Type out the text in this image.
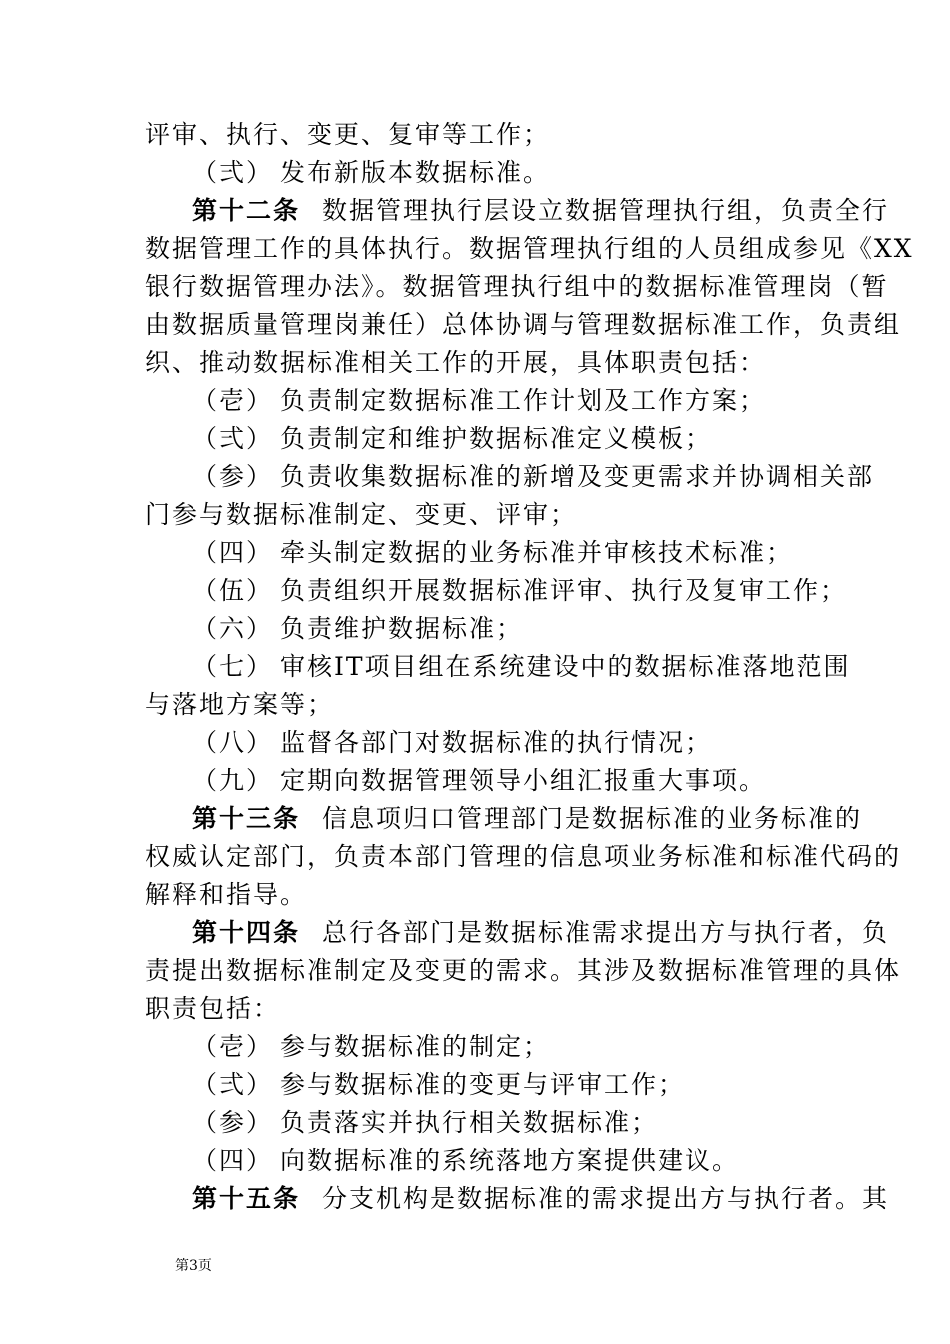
评审、执行、变更、复审等工作；
（弍） 发布新版本数据标准。
第十二条 数据管理执行层设立数据管理执行组，负责全行
数据管理工作的具体执行。数据管理执行组的人员组成参见《XX
银行数据管理办法》。数据管理执行组中的数据标准管理岗（暂
由数据质量管理岗兼任）总体协调与管理数据标准工作，负责组
织、推动数据标准相关工作的开展，具体职责包括：
（壱） 负责制定数据标准工作计划及工作方案；
（弍） 负责制定和维护数据标准定义模板；
（参） 负责收集数据标准的新增及变更需求并协调相关部
门参与数据标准制定、变更、评审；
（四） 牵头制定数据的业务标准并审核技术标准；
（伍） 负责组织开展数据标准评审、执行及复审工作；
（六） 负责维护数据标准；
（七） 审核IT项目组在系统建设中的数据标准落地范围
与落地方案等；
（八） 监督各部门对数据标准的执行情况；
（九） 定期向数据管理领导小组汇报重大事项。
第十三条 信息项归口管理部门是数据标准的业务标准的
权威认定部门，负责本部门管理的信息项业务标准和标准代码的
解释和指导。
第十四条 总行各部门是数据标准需求提出方与执行者，负
责提出数据标准制定及变更的需求。其涉及数据标准管理的具体
职责包括：
（壱） 参与数据标准的制定；
（弍） 参与数据标准的变更与评审工作；
（参） 负责落实并执行相关数据标准；
（四） 向数据标准的系统落地方案提供建议。
第十五条 分支机构是数据标准的需求提出方与执行者。其
第3页
